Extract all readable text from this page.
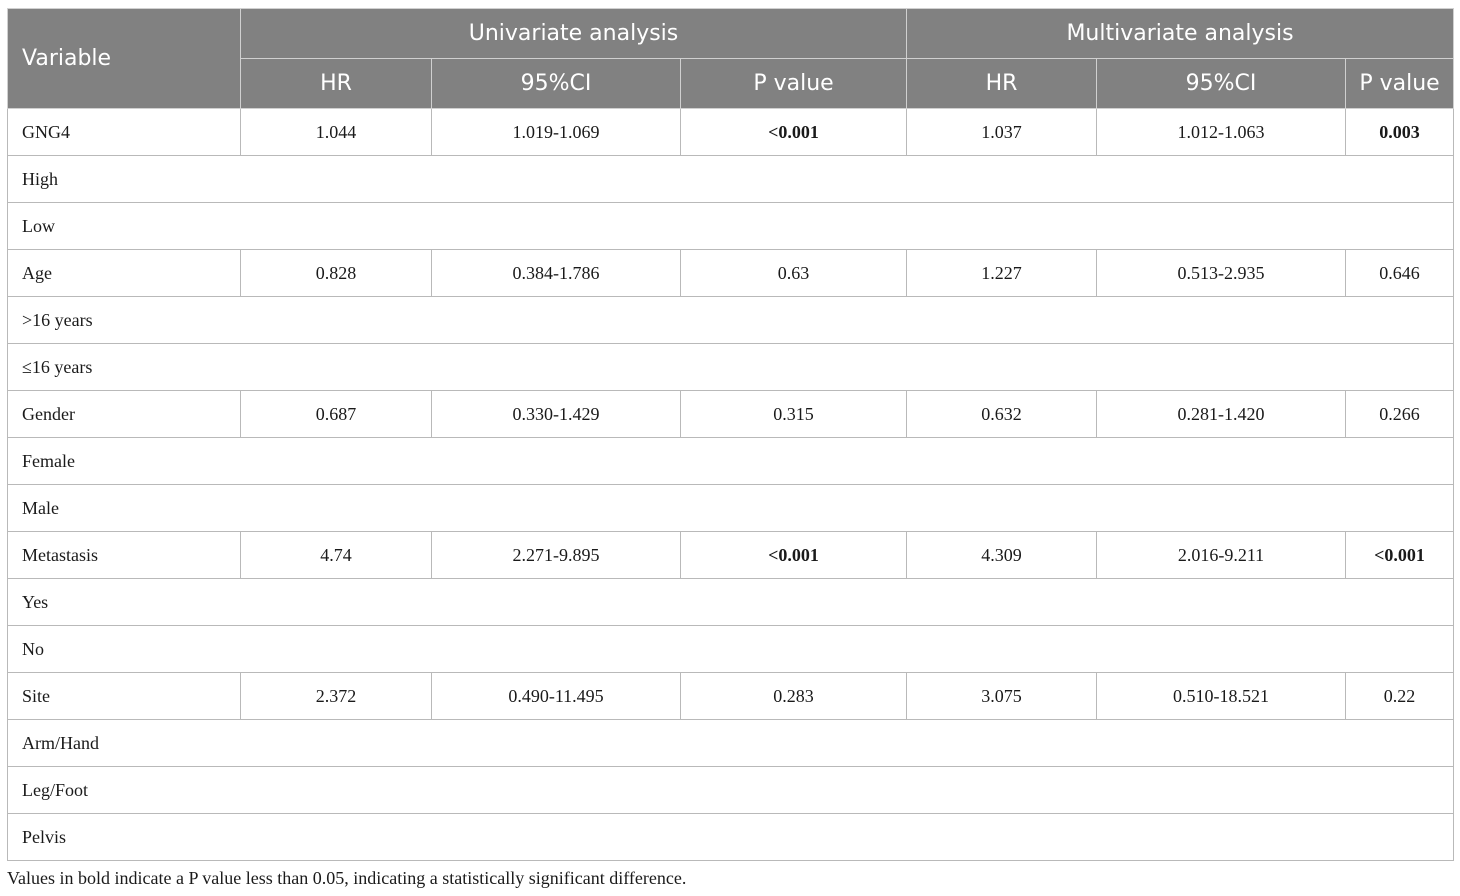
Variable	Univariate analysis			Multivariate analysis		
	HR	95%CI	P value	HR	95%CI	P value
GNG4	1.044	1.019-1.069	<0.001	1.037	1.012-1.063	0.003
High						
Low						
Age	0.828	0.384-1.786	0.63	1.227	0.513-2.935	0.646
>16 years						
≤16 years						
Gender	0.687	0.330-1.429	0.315	0.632	0.281-1.420	0.266
Female						
Male						
Metastasis	4.74	2.271-9.895	<0.001	4.309	2.016-9.211	<0.001
Yes						
No						
Site	2.372	0.490-11.495	0.283	3.075	0.510-18.521	0.22
Arm/Hand						
Leg/Foot						
Pelvis						

Values in bold indicate a P value less than 0.05, indicating a statistically significant difference.
